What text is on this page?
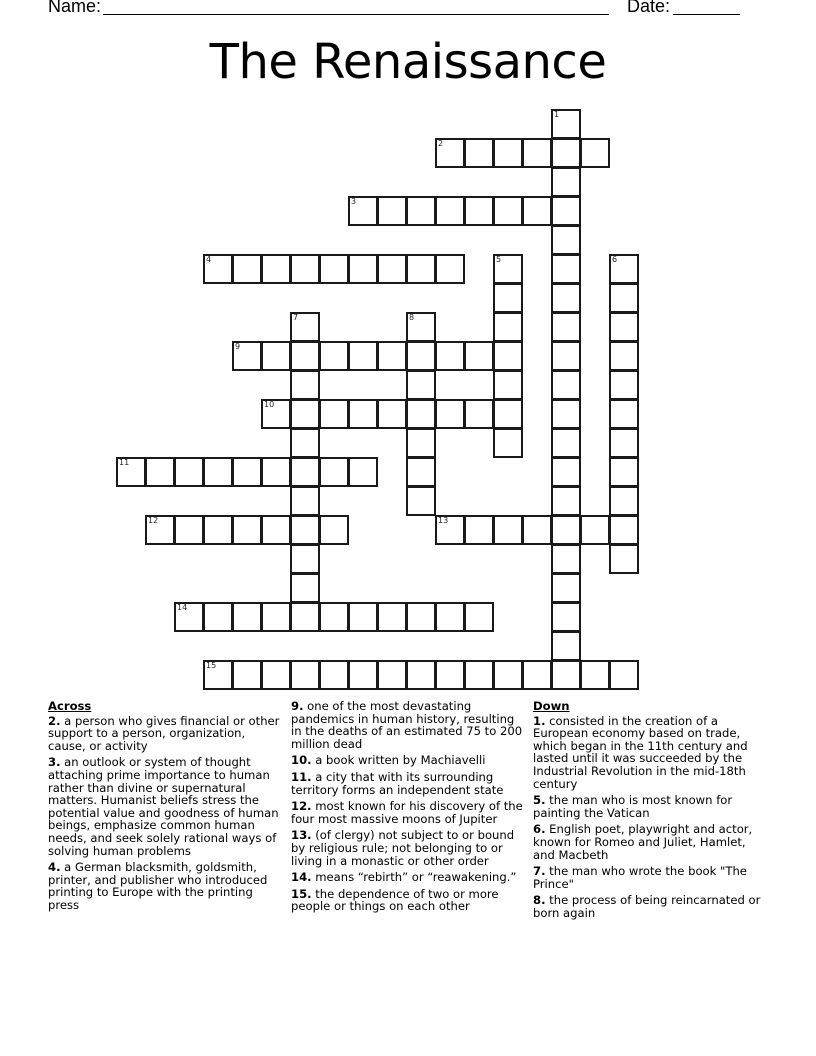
Name:	Date:
The Renaissance
1
2
3
4	5	6
7	8
9
10
11
12	13
14
15
Across
2. a person who gives financial or other support to a person, organization, cause, or activity
3. an outlook or system of thought attaching prime importance to human rather than divine or supernatural matters. Humanist beliefs stress the potential value and goodness of human beings, emphasize common human needs, and seek solely rational ways of solving human problems
4. a German blacksmith, goldsmith, printer, and publisher who introduced printing to Europe with the printing press
9. one of the most devastating pandemics in human history, resulting in the deaths of an estimated 75 to 200 million dead
10. a book written by Machiavelli
11. a city that with its surrounding territory forms an independent state
12. most known for his discovery of the four most massive moons of Jupiter
13. (of clergy) not subject to or bound by religious rule; not belonging to or living in a monastic or other order
14. means “rebirth” or “reawakening.”
15. the dependence of two or more people or things on each other
Down
1. consisted in the creation of a European economy based on trade, which began in the 11th century and lasted until it was succeeded by the Industrial Revolution in the mid-18th century
5. the man who is most known for painting the Vatican
6. English poet, playwright and actor, known for Romeo and Juliet, Hamlet, and Macbeth
7. the man who wrote the book "The Prince"
8. the process of being reincarnated or born again
